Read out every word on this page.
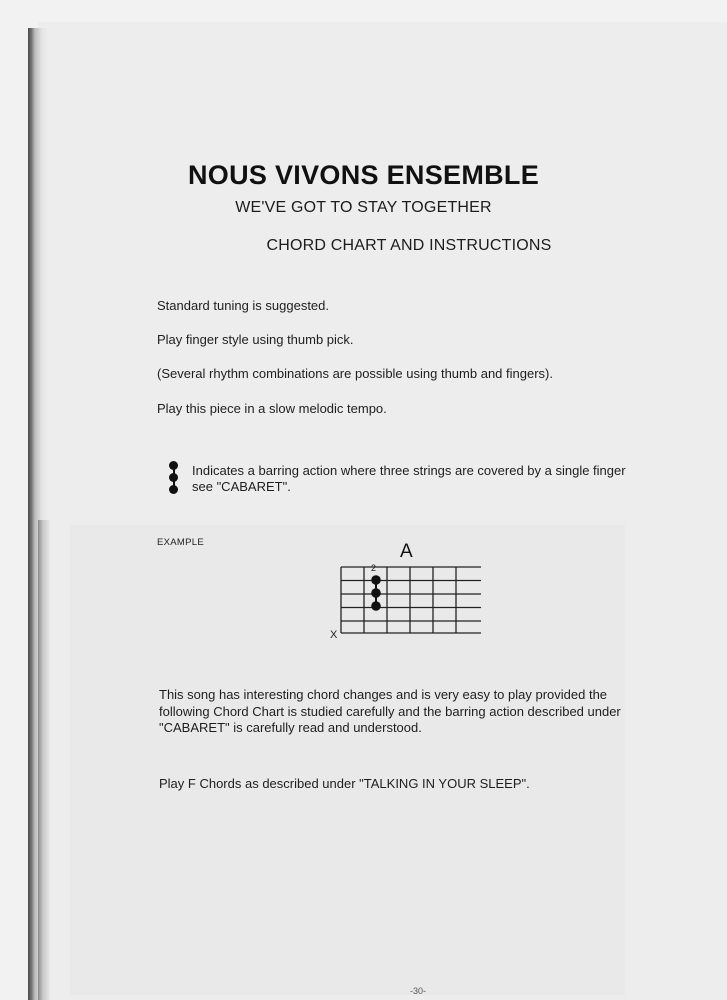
NOUS VIVONS ENSEMBLE
WE'VE GOT TO STAY TOGETHER
CHORD CHART AND INSTRUCTIONS
Standard tuning is suggested.
Play finger style using thumb pick.
(Several rhythm combinations are possible using thumb and fingers).
Play this piece in a slow melodic tempo.
Indicates a barring action where three strings are covered by a single finger
see "CABARET".
EXAMPLE	A
2
X
This song has interesting chord changes and is very easy to play provided the
following Chord Chart is studied carefully and the barring action described under
"CABARET" is carefully read and understood.
Play F Chords as described under "TALKING IN YOUR SLEEP".
-30-
